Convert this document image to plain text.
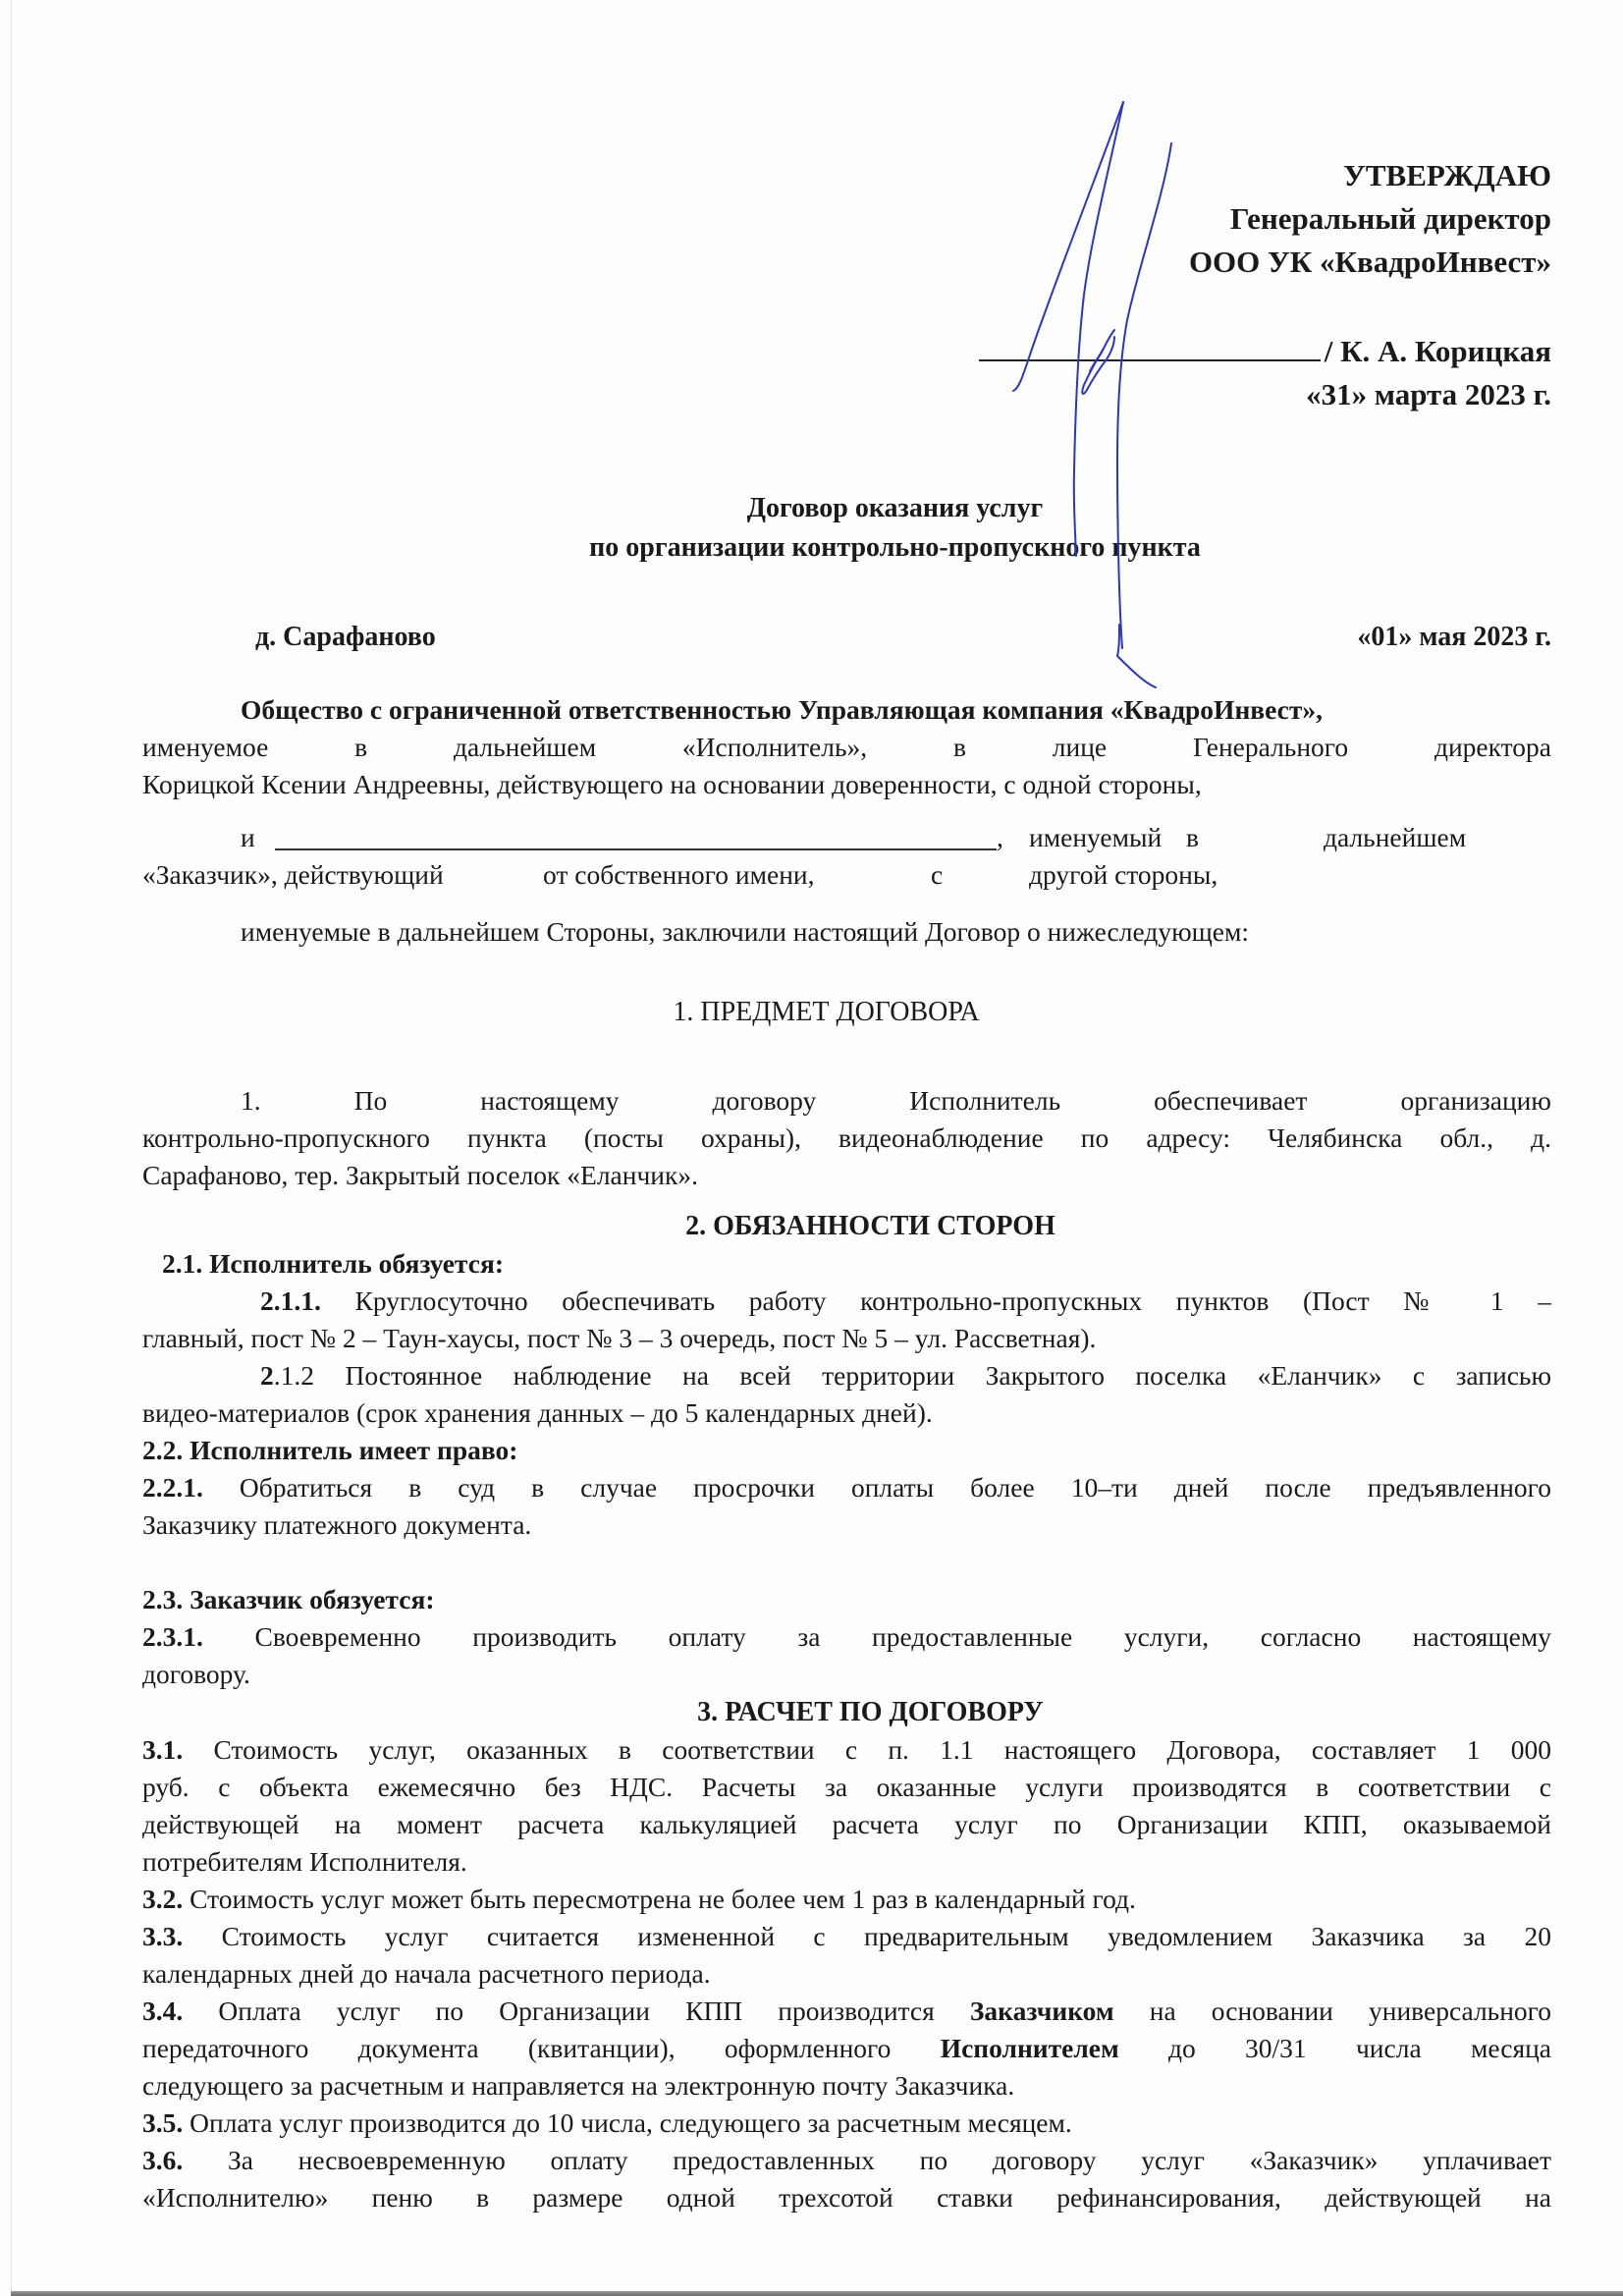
УТВЕРЖДАЮ
Генеральный директор
ООО УК «КвадроИнвест»
/ К. А. Корицкая
«31» марта 2023 г.
Договор оказания услуг
по организации контрольно-пропускного пункта
д. Сарафаново	«01» мая 2023 г.
Общество с ограниченной ответственностью Управляющая компания «КвадроИнвест»,
именуемое	в	дальнейшем	«Исполнитель»,	в	лице	Генерального	директора
Корицкой Ксении Андреевны, действующего на основании доверенности, с одной стороны,
и	, именуемый в	дальнейшем
«Заказчик», действующий	от собственного имени,	с	другой стороны,
именуемые в дальнейшем Стороны, заключили настоящий Договор о нижеследующем:
1. ПРЕДМЕТ ДОГОВОРА
1.	По	настоящему	договору	Исполнитель	обеспечивает	организацию
контрольно-пропускного пункта (посты охраны), видеонаблюдение по адресу: Челябинска обл., д.
Сарафаново, тер. Закрытый поселок «Еланчик».
2. ОБЯЗАННОСТИ СТОРОН
2.1. Исполнитель обязуется:
2.1.1. Круглосуточно обеспечивать работу контрольно-пропускных пунктов (Пост № 1 –
главный, пост № 2 – Таун-хаусы, пост № 3 – 3 очередь, пост № 5 – ул. Рассветная).
2.1.2 Постоянное наблюдение на всей территории Закрытого поселка «Еланчик» с записью
видео-материалов (срок хранения данных – до 5 календарных дней).
2.2. Исполнитель имеет право:
2.2.1. Обратиться в суд в случае просрочки оплаты более 10–ти дней после предъявленного
Заказчику платежного документа.
2.3. Заказчик обязуется:
2.3.1. Своевременно производить оплату за предоставленные услуги, согласно настоящему
договору.
3. РАСЧЕТ ПО ДОГОВОРУ
3.1. Стоимость услуг, оказанных в соответствии с п. 1.1 настоящего Договора, составляет 1 000
руб. с объекта ежемесячно без НДС. Расчеты за оказанные услуги производятся в соответствии с
действующей на момент расчета калькуляцией расчета услуг по Организации КПП, оказываемой
потребителям Исполнителя.
3.2. Стоимость услуг может быть пересмотрена не более чем 1 раз в календарный год.
3.3. Стоимость услуг считается измененной с предварительным уведомлением Заказчика за 20
календарных дней до начала расчетного периода.
3.4. Оплата услуг по Организации КПП производится Заказчиком на основании универсального
передаточного документа (квитанции), оформленного Исполнителем до 30/31 числа месяца
следующего за расчетным и направляется на электронную почту Заказчика.
3.5. Оплата услуг производится до 10 числа, следующего за расчетным месяцем.
3.6. За несвоевременную оплату предоставленных по договору услуг «Заказчик» уплачивает
«Исполнителю» пеню в размере одной трехсотой ставки рефинансирования, действующей на
